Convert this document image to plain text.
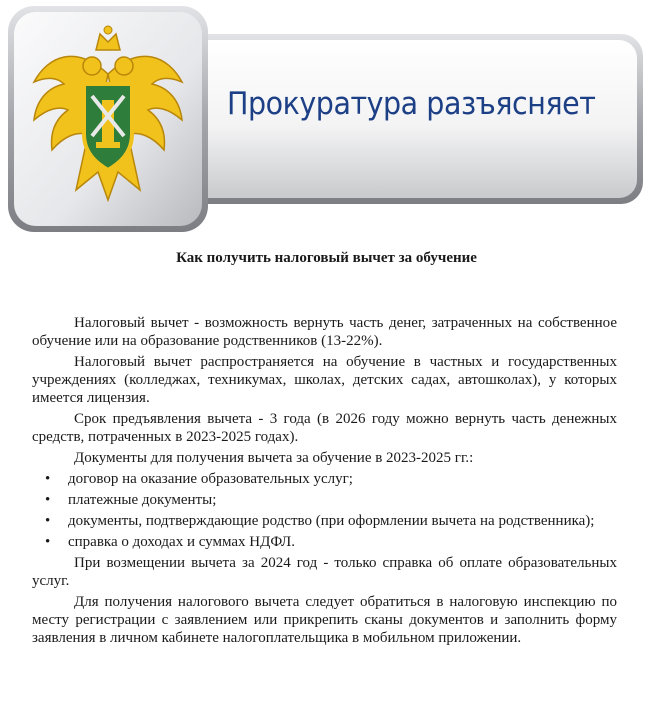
Прокуратура разъясняет
Как получить налоговый вычет за обучение

Налоговый вычет - возможность вернуть часть денег, затраченных на собственное обучение или на образование родственников (13-22%).

Налоговый вычет распространяется на обучение в частных и государственных учреждениях (колледжах, техникумах, школах, детских садах, автошколах), у которых имеется лицензия.

Срок предъявления вычета - 3 года (в 2026 году можно вернуть часть денежных средств, потраченных в 2023-2025 годах).

Документы для получения вычета за обучение в 2023-2025 гг.:

• договор на оказание образовательных услуг;
• платежные документы;
• документы, подтверждающие родство (при оформлении вычета на родственника);
• справка о доходах и суммах НДФЛ.

При возмещении вычета за 2024 год - только справка об оплате образовательных услуг.

Для получения налогового вычета следует обратиться в налоговую инспекцию по месту регистрации с заявлением или прикрепить сканы документов и заполнить форму заявления в личном кабинете налогоплательщика в мобильном приложении.
